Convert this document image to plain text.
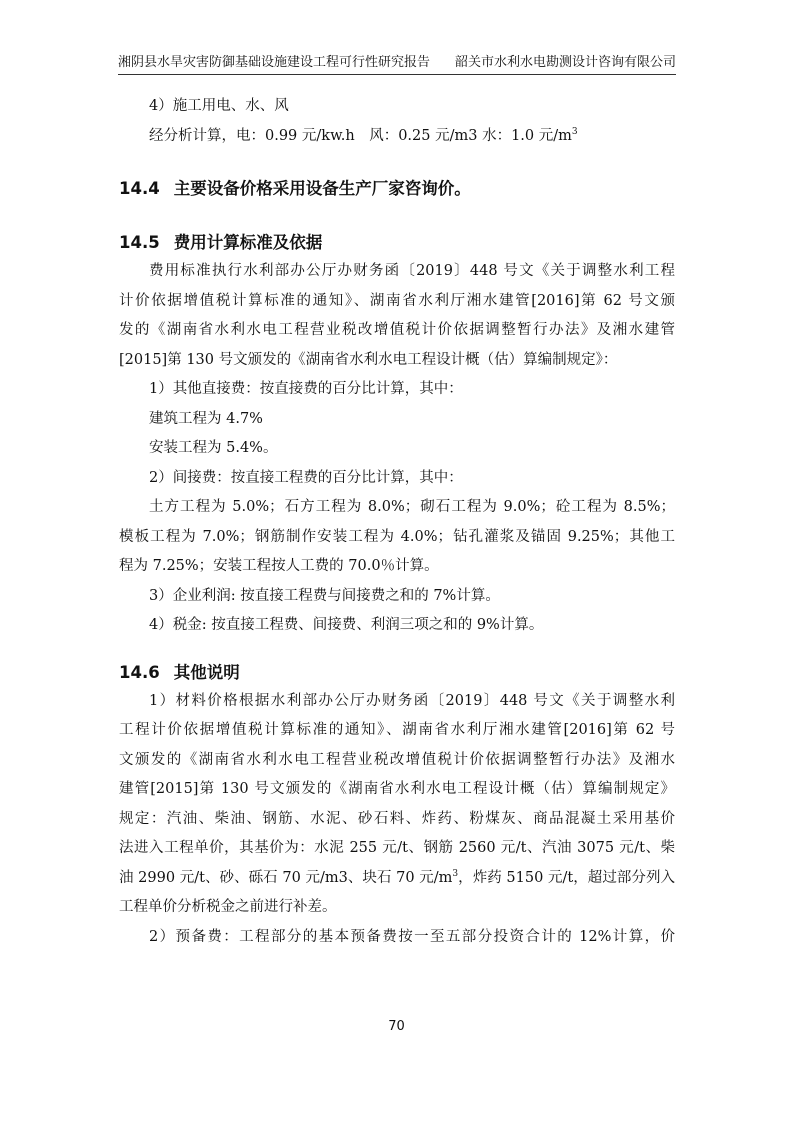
湘阴县水旱灾害防御基础设施建设工程可行性研究报告 韶关市水利水电勘测设计咨询有限公司

4）施工用电、水、风

经分析计算，电：0.99 元/kw.h　风：0.25 元/m3 水：1.0 元$/m^3$

14.4 主要设备价格采用设备生产厂家咨询价。
14.5 费用计算标准及依据

费用标准执行水利部办公厅办财务函〔2019〕448 号文《关于调整水利工程

计价依据增值税计算标准的通知》、湖南省水利厅湘水建管[2016]第 62 号文颁

发的《湖南省水利水电工程营业税改增值税计价依据调整暂行办法》及湘水建管

[2015]第 130 号文颁发的《湖南省水利水电工程设计概（估）算编制规定》：

1）其他直接费：按直接费的百分比计算，其中：

建筑工程为 4.7%

安装工程为 5.4%。

2）间接费：按直接工程费的百分比计算，其中：

土方工程为 5.0%；石方工程为 8.0%；砌石工程为 9.0%；砼工程为 8.5%；

模板工程为 7.0%；钢筋制作安装工程为 4.0%；钻孔灌浆及锚固 9.25%；其他工

程为 7.25%；安装工程按人工费的 70.0％计算。

3）企业利润: 按直接工程费与间接费之和的 7%计算。

4）税金: 按直接工程费、间接费、利润三项之和的 9%计算。

14.6 其他说明

1）材料价格根据水利部办公厅办财务函〔2019〕448 号文《关于调整水利

工程计价依据增值税计算标准的通知》、湖南省水利厅湘水建管[2016]第 62 号

文颁发的《湖南省水利水电工程营业税改增值税计价依据调整暂行办法》及湘水

建管[2015]第 130 号文颁发的《湖南省水利水电工程设计概（估）算编制规定》

规定：汽油、柴油、钢筋、水泥、砂石料、炸药、粉煤灰、商品混凝土采用基价

法进入工程单价，其基价为：水泥 255 元/t、钢筋 2560 元/t、汽油 3075 元/t、柴

油 2990 元/t、砂、砾石 70 元/m3、块石 70 元$/m^3$，炸药 5150 元/t，超过部分列入

工程单价分析税金之前进行补差。

2）预备费：工程部分的基本预备费按一至五部分投资合计的 12%计算，价

70
